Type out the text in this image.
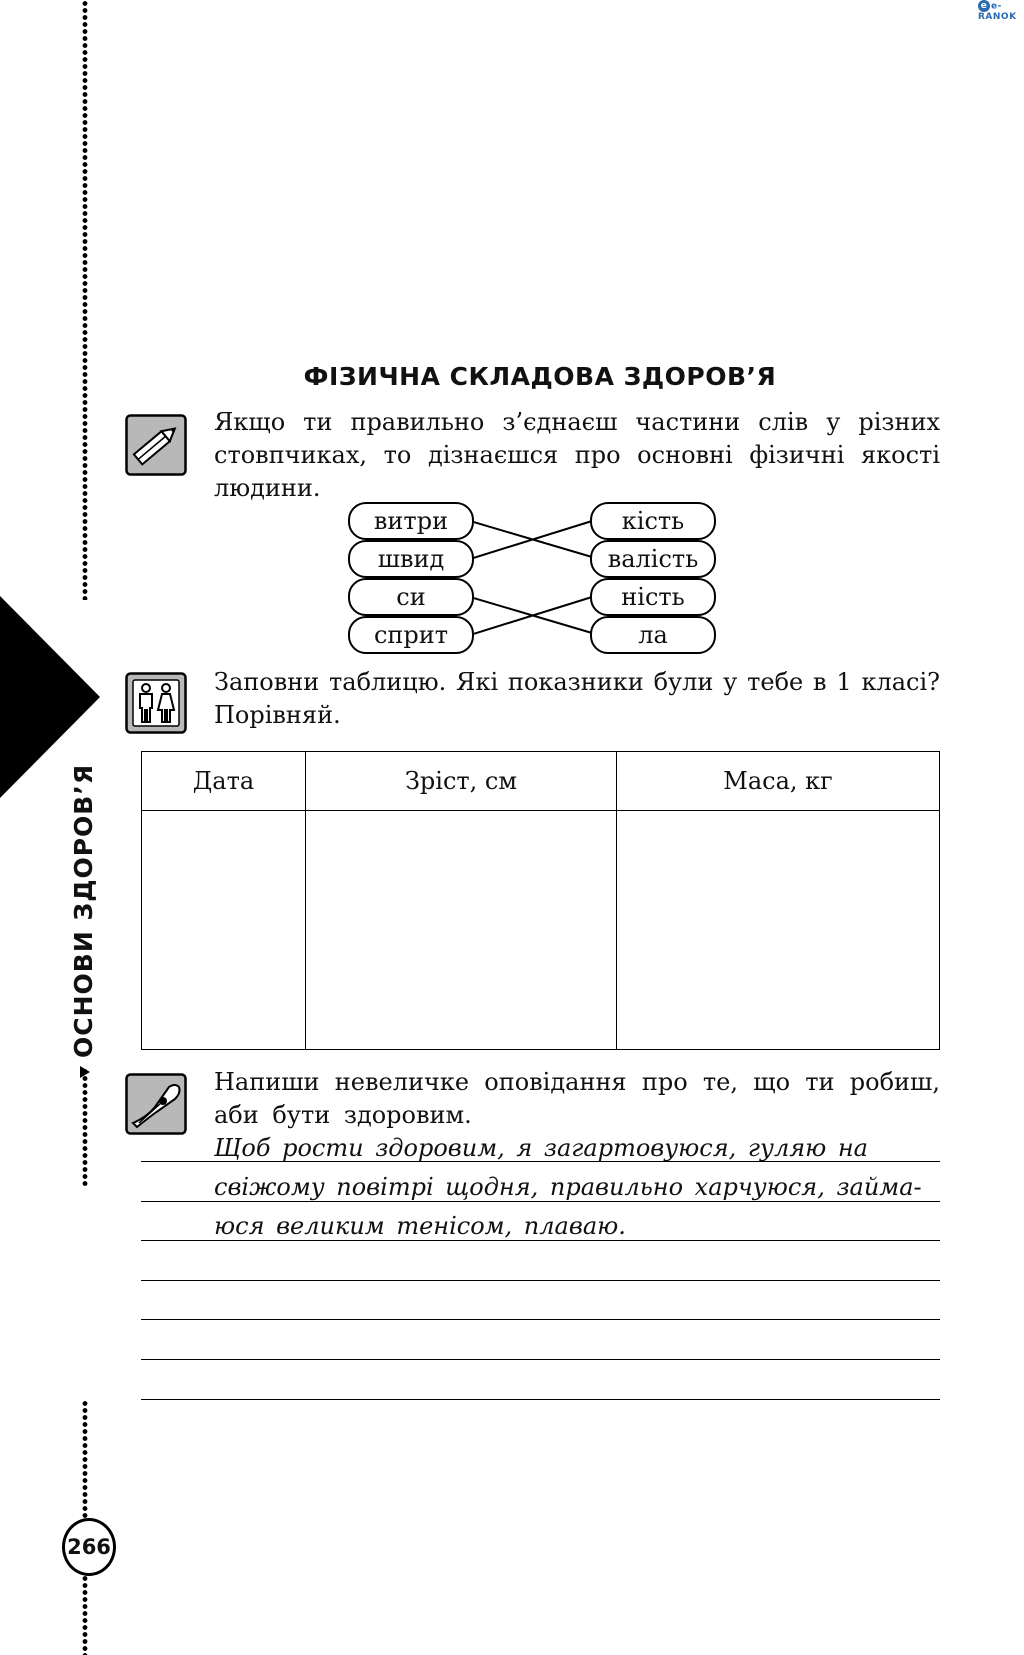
ОСНОВИ ЗДОРОВ’Я
266
e e-RANOK
ФІЗИЧНА СКЛАДОВА ЗДОРОВ’Я
Якщо ти правильно з’єднаєш частини слів у різних стовпчиках, то дізнаєшся про основні фізичні якості людини.
витри
швид
си
сприт
кість
валість
ність
ла
Заповни таблицю. Які показники були у тебе в 1 класі? Порівняй.
Дата	Зріст, см	Маса, кг

Напиши невеличке оповідання про те, що ти робиш, аби бути здоровим.
Щоб рости здоровим, я загартовуюся, гуляю на
свіжому повітрі щодня, правильно харчуюся, займа-
юся великим тенісом, плаваю.
